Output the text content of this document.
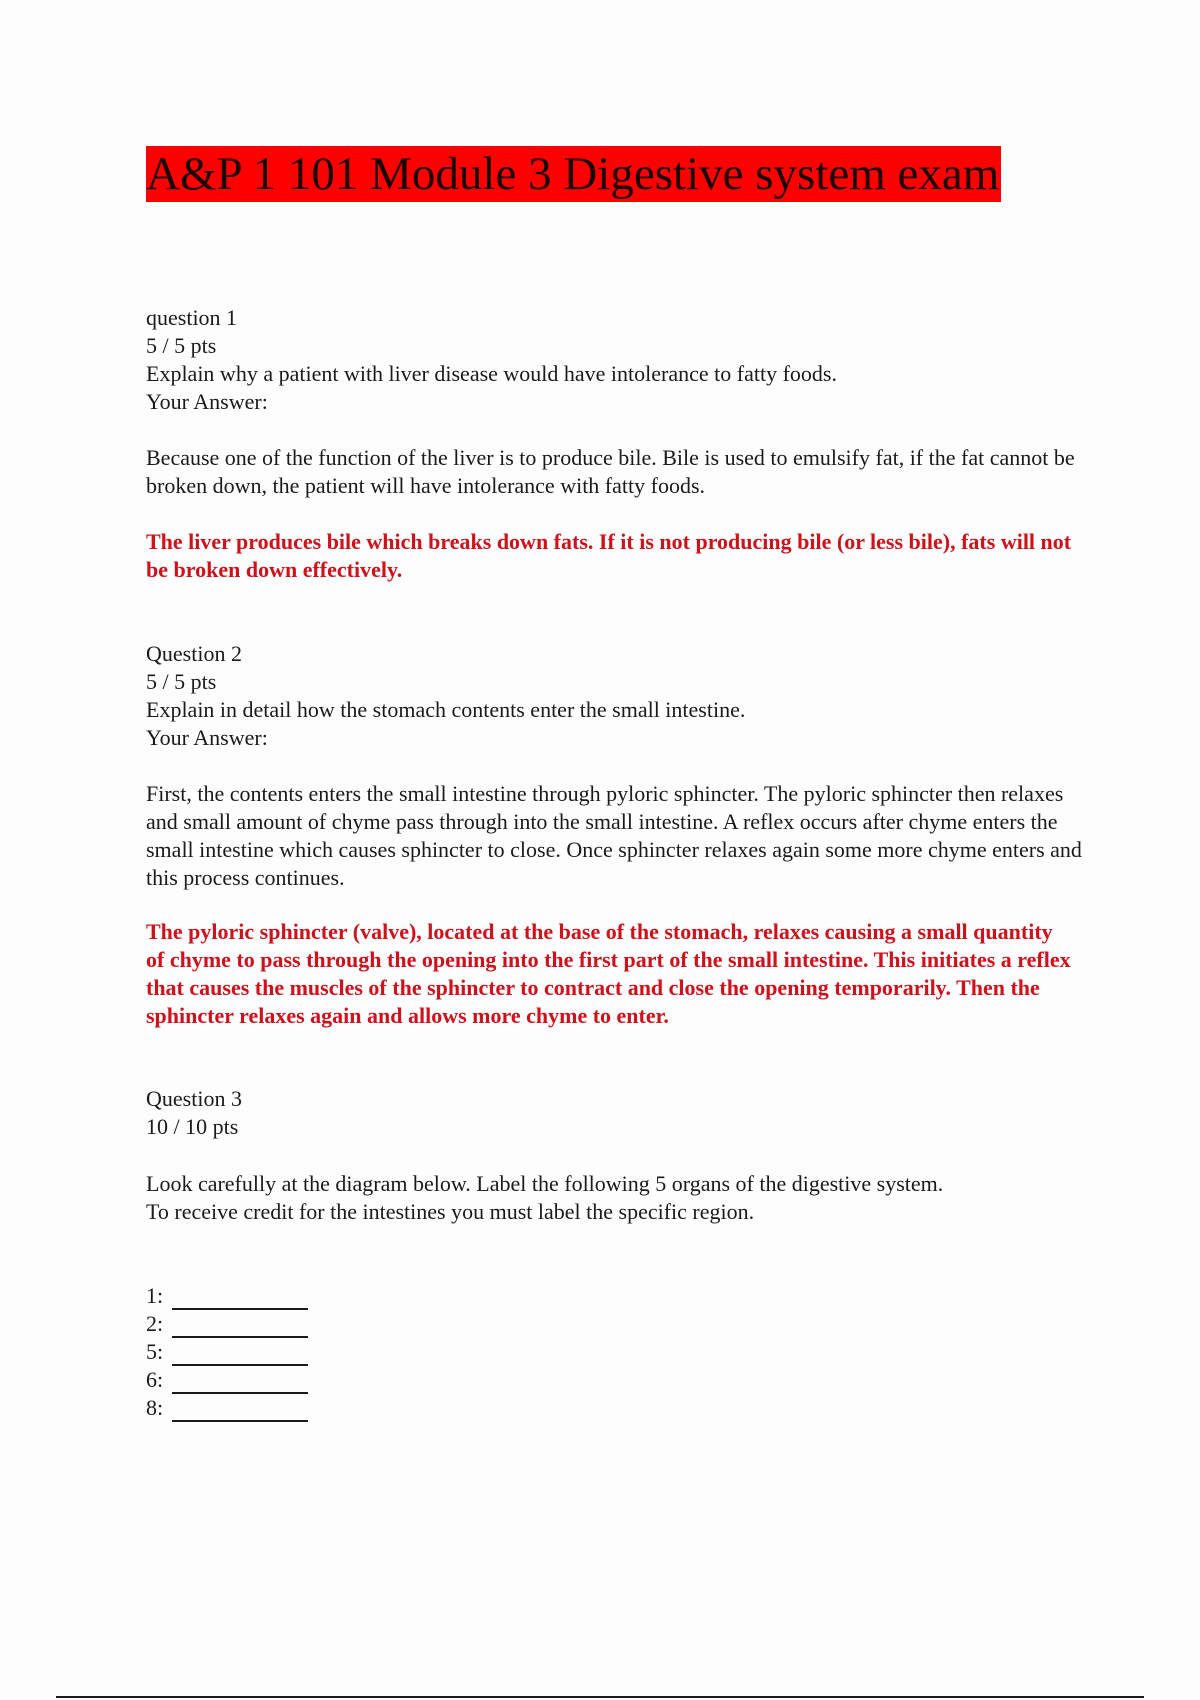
A&P 1 101 Module 3 Digestive system exam
question 1
5 / 5 pts
Explain why a patient with liver disease would have intolerance to fatty foods.
Your Answer:
Because one of the function of the liver is to produce bile. Bile is used to emulsify fat, if the fat cannot be broken down, the patient will have intolerance with fatty foods.
The liver produces bile which breaks down fats. If it is not producing bile (or less bile), fats will not be broken down effectively.
Question 2
5 / 5 pts
Explain in detail how the stomach contents enter the small intestine.
Your Answer:
First, the contents enters the small intestine through pyloric sphincter. The pyloric sphincter then relaxes and small amount of chyme pass through into the small intestine. A reflex occurs after chyme enters the small intestine which causes sphincter to close. Once sphincter relaxes again some more chyme enters and this process continues.
The pyloric sphincter (valve), located at the base of the stomach, relaxes causing a small quantity of chyme to pass through the opening into the first part of the small intestine. This initiates a reflex that causes the muscles of the sphincter to contract and close the opening temporarily. Then the sphincter relaxes again and allows more chyme to enter.
Question 3
10 / 10 pts
Look carefully at the diagram below. Label the following 5 organs of the digestive system.
To receive credit for the intestines you must label the specific region.
1:
2:
5:
6:
8:
